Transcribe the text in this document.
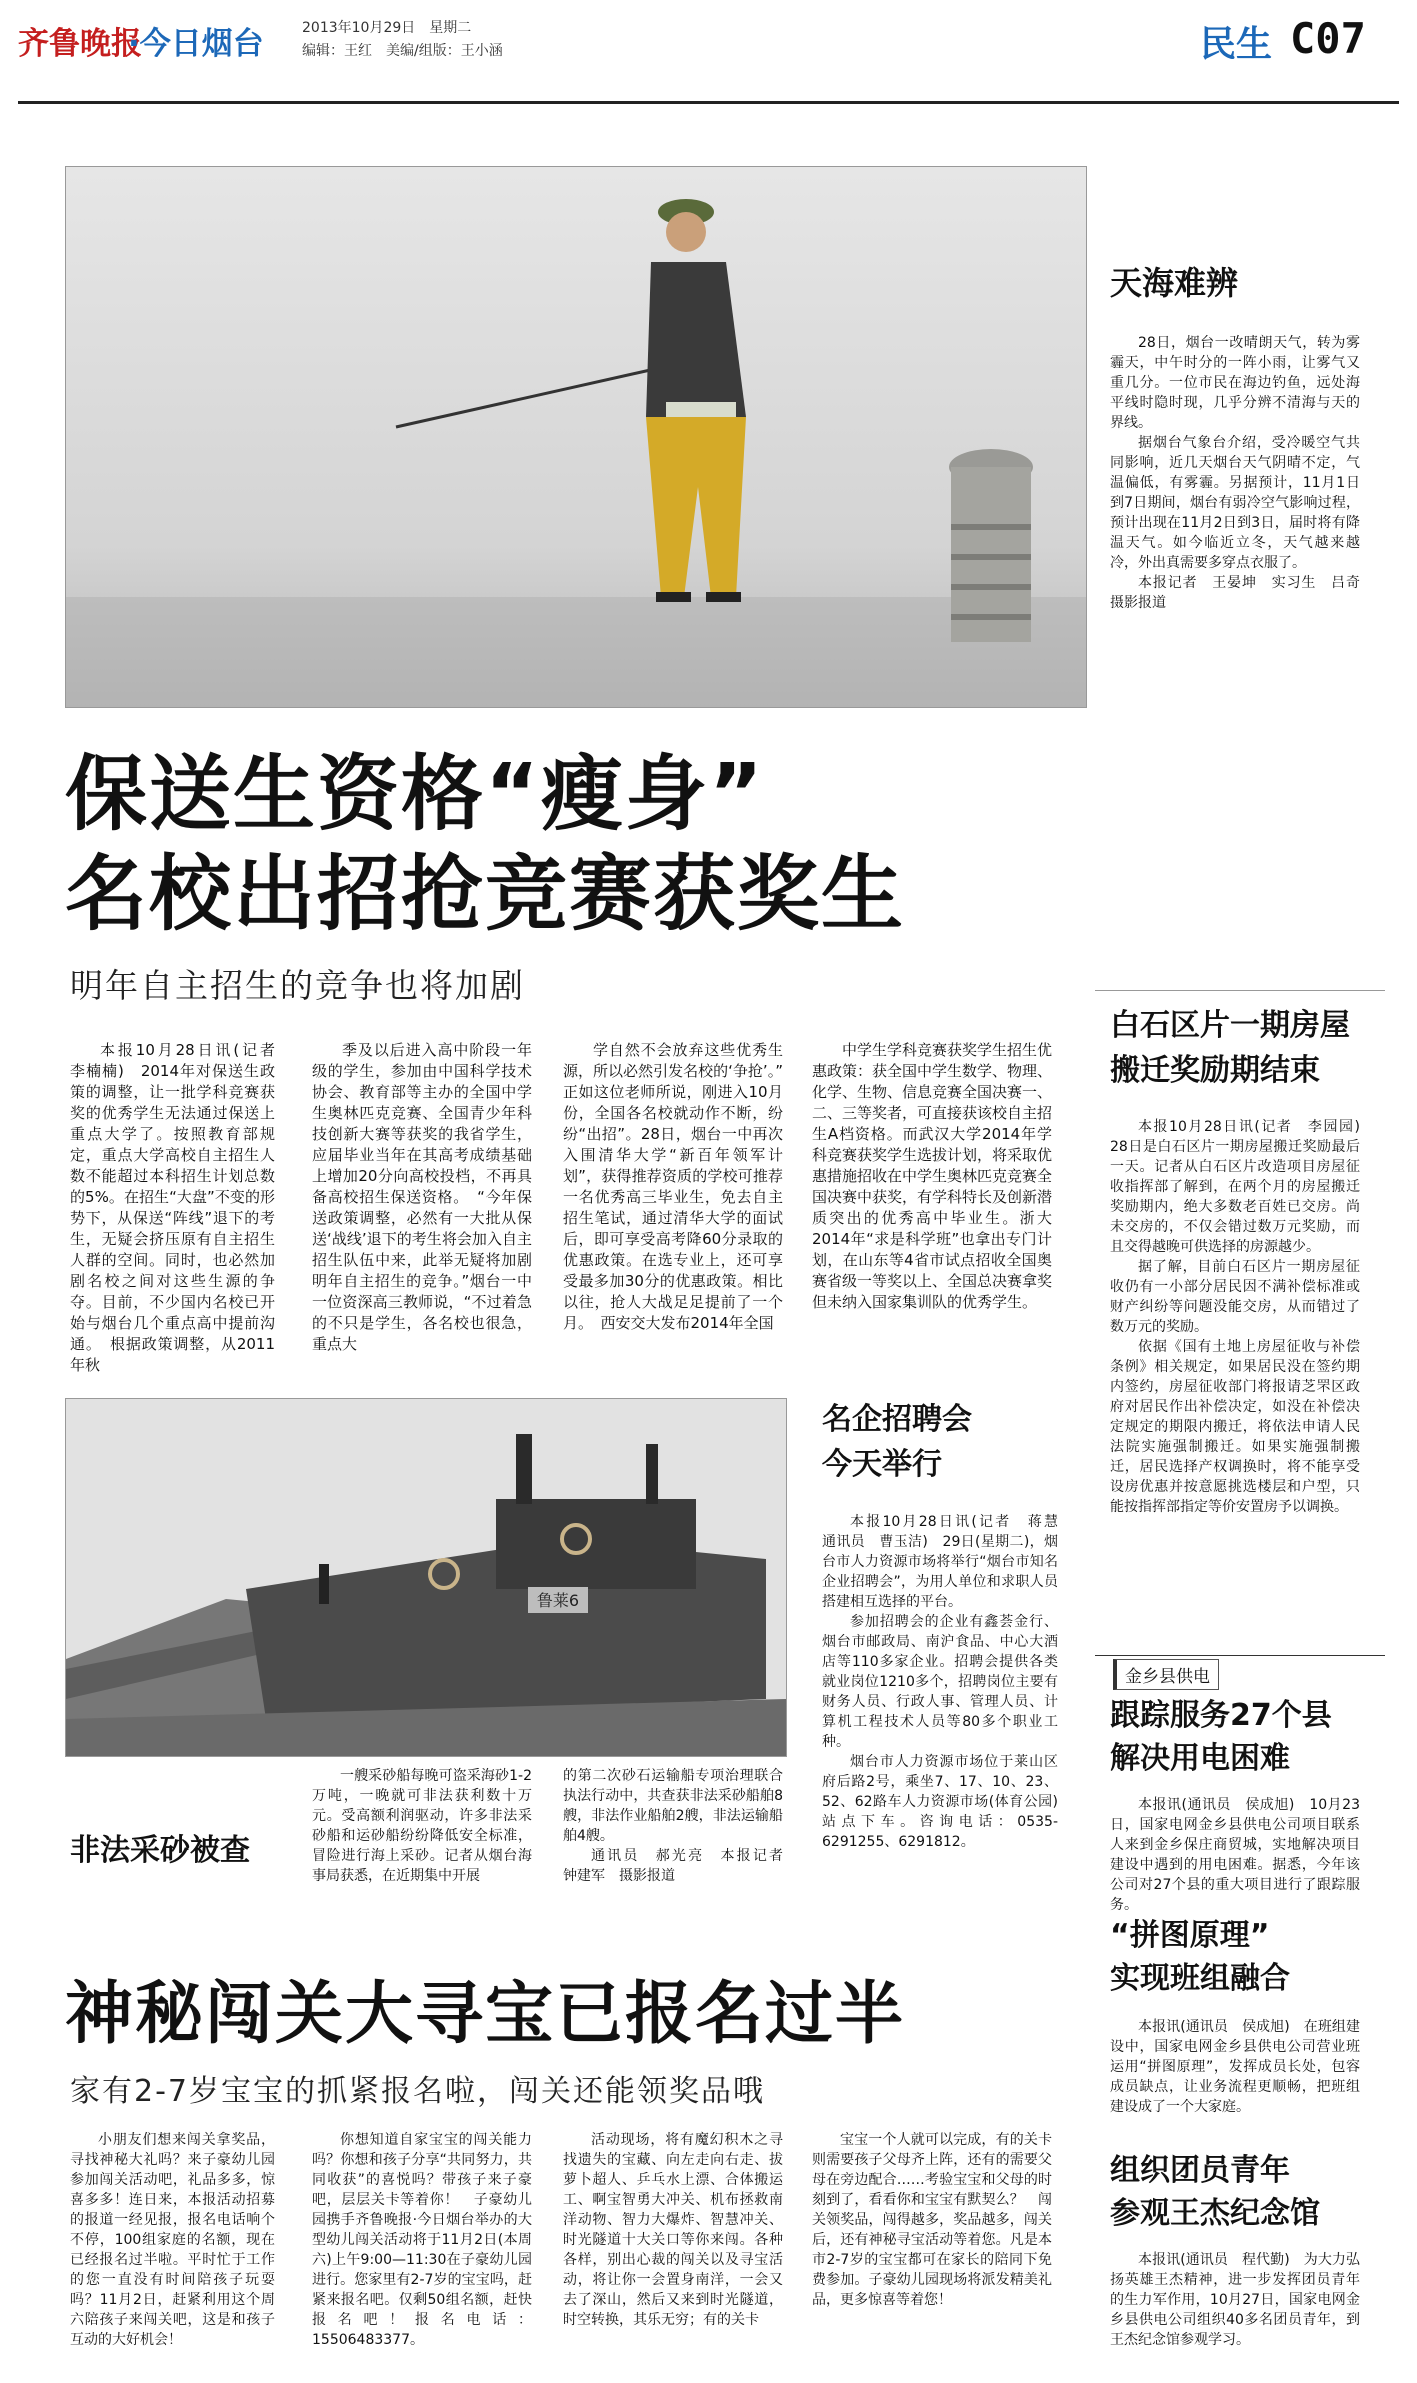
齐鲁晚报
·今日烟台	2013年10月29日　星期二
编辑：王红　美编/组版：王小涵	民生 C07
天海难辨

28日，烟台一改晴朗天气，转为雾霾天，中午时分的一阵小雨，让雾气又重几分。一位市民在海边钓鱼，远处海平线时隐时现，几乎分辨不清海与天的界线。

据烟台气象台介绍，受冷暖空气共同影响，近几天烟台天气阴晴不定，气温偏低，有雾霾。另据预计，11月1日到7日期间，烟台有弱冷空气影响过程，预计出现在11月2日到3日，届时将有降温天气。如今临近立冬，天气越来越冷，外出真需要多穿点衣服了。

本报记者　王晏坤　实习生　吕奇　摄影报道

保送生资格“瘦身”
名校出招抢竞赛获奖生
明年自主招生的竞争也将加剧

本报10月28日讯(记者　李楠楠)　2014年对保送生政策的调整，让一批学科竞赛获奖的优秀学生无法通过保送上重点大学了。按照教育部规定，重点大学高校自主招生人数不能超过本科招生计划总数的5%。在招生“大盘”不变的形势下，从保送“阵线”退下的考生，无疑会挤压原有自主招生人群的空间。同时，也必然加剧名校之间对这些生源的争夺。目前，不少国内名校已开始与烟台几个重点高中提前沟通。　根据政策调整，从2011年秋

季及以后进入高中阶段一年级的学生，参加由中国科学技术协会、教育部等主办的全国中学生奥林匹克竞赛、全国青少年科技创新大赛等获奖的我省学生，应届毕业当年在其高考成绩基础上增加20分向高校投档，不再具备高校招生保送资格。　“今年保送政策调整，必然有一大批从保送‘战线’退下的考生将会加入自主招生队伍中来，此举无疑将加剧明年自主招生的竞争。”烟台一中一位资深高三教师说，“不过着急的不只是学生，各名校也很急，重点大

学自然不会放弃这些优秀生源，所以必然引发名校的‘争抢’。”　正如这位老师所说，刚进入10月份，全国各名校就动作不断，纷纷“出招”。28日，烟台一中再次入围清华大学“新百年领军计划”，获得推荐资质的学校可推荐一名优秀高三毕业生，免去自主招生笔试，通过清华大学的面试后，即可享受高考降60分录取的优惠政策。在选专业上，还可享受最多加30分的优惠政策。相比以往，抢人大战足足提前了一个月。　西安交大发布2014年全国

中学生学科竞赛获奖学生招生优惠政策：获全国中学生数学、物理、化学、生物、信息竞赛全国决赛一、二、三等奖者，可直接获该校自主招生A档资格。而武汉大学2014年学科竞赛获奖学生选拔计划，将采取优惠措施招收在中学生奥林匹克竞赛全国决赛中获奖，有学科特长及创新潜质突出的优秀高中毕业生。浙大2014年“求是科学班”也拿出专门计划，在山东等4省市试点招收全国奥赛省级一等奖以上、全国总决赛拿奖但未纳入国家集训队的优秀学生。

白石区片一期房屋
搬迁奖励期结束

本报10月28日讯(记者　李园园)　28日是白石区片一期房屋搬迁奖励最后一天。记者从白石区片改造项目房屋征收指挥部了解到，在两个月的房屋搬迁奖励期内，绝大多数老百姓已交房。尚未交房的，不仅会错过数万元奖励，而且交得越晚可供选择的房源越少。

据了解，目前白石区片一期房屋征收仍有一小部分居民因不满补偿标准或财产纠纷等问题没能交房，从而错过了数万元的奖励。

依据《国有土地上房屋征收与补偿条例》相关规定，如果居民没在签约期内签约，房屋征收部门将报请芝罘区政府对居民作出补偿决定，如没在补偿决定规定的期限内搬迁，将依法申请人民法院实施强制搬迁。如果实施强制搬迁，居民选择产权调换时，将不能享受设房优惠并按意愿挑选楼层和户型，只能按指挥部指定等价安置房予以调换。

鲁莱6
非法采砂被查

一艘采砂船每晚可盗采海砂1-2万吨，一晚就可非法获利数十万元。受高额利润驱动，许多非法采砂船和运砂船纷纷降低安全标准，冒险进行海上采砂。记者从烟台海事局获悉，在近期集中开展

的第二次砂石运输船专项治理联合执法行动中，共查获非法采砂船舶8艘，非法作业船舶2艘，非法运输船舶4艘。

通讯员　郝光亮　本报记者　钟建军　摄影报道

名企招聘会
今天举行

本报10月28日讯(记者　蒋慧　通讯员　曹玉洁)　29日(星期二)，烟台市人力资源市场将举行“烟台市知名企业招聘会”，为用人单位和求职人员搭建相互选择的平台。

参加招聘会的企业有鑫荟金行、烟台市邮政局、南沪食品、中心大酒店等110多家企业。招聘会提供各类就业岗位1210多个，招聘岗位主要有财务人员、行政人事、管理人员、计算机工程技术人员等80多个职业工种。

烟台市人力资源市场位于莱山区府后路2号，乘坐7、17、10、23、52、62路车人力资源市场(体育公园)站点下车。咨询电话：0535-6291255、6291812。

金乡县供电
跟踪服务27个县
解决用电困难

本报讯(通讯员　侯成旭)　10月23日，国家电网金乡县供电公司项目联系人来到金乡保庄商贸城，实地解决项目建设中遇到的用电困难。据悉，今年该公司对27个县的重大项目进行了跟踪服务。

“拼图原理”
实现班组融合

本报讯(通讯员　侯成旭)　在班组建设中，国家电网金乡县供电公司营业班运用“拼图原理”，发挥成员长处，包容成员缺点，让业务流程更顺畅，把班组建设成了一个大家庭。

组织团员青年
参观王杰纪念馆

本报讯(通讯员　程代勤)　为大力弘扬英雄王杰精神，进一步发挥团员青年的生力军作用，10月27日，国家电网金乡县供电公司组织40多名团员青年，到王杰纪念馆参观学习。

神秘闯关大寻宝已报名过半
家有2-7岁宝宝的抓紧报名啦，闯关还能领奖品哦

小朋友们想来闯关拿奖品，寻找神秘大礼吗？来子豪幼儿园参加闯关活动吧，礼品多多，惊喜多多！连日来，本报活动招募的报道一经见报，报名电话响个不停，100组家庭的名额，现在已经报名过半啦。平时忙于工作的您一直没有时间陪孩子玩耍吗？11月2日，赶紧利用这个周六陪孩子来闯关吧，这是和孩子互动的大好机会！

你想知道自家宝宝的闯关能力吗？你想和孩子分享“共同努力，共同收获”的喜悦吗？带孩子来子豪吧，层层关卡等着你！　子豪幼儿园携手齐鲁晚报·今日烟台举办的大型幼儿闯关活动将于11月2日(本周六)上午9:00—11:30在子豪幼儿园进行。您家里有2-7岁的宝宝吗，赶紧来报名吧。仅剩50组名额，赶快报名吧！报名电话：15506483377。

活动现场，将有魔幻积木之寻找遗失的宝藏、向左走向右走、拔萝卜超人、乒乓水上漂、合体搬运工、啊宝智勇大冲关、机布拯救南洋动物、智力大爆炸、智慧冲关、时光隧道十大关口等你来闯。各种各样，别出心裁的闯关以及寻宝活动，将让你一会置身南洋，一会又去了深山，然后又来到时光隧道，时空转换，其乐无穷；有的关卡

宝宝一个人就可以完成，有的关卡则需要孩子父母齐上阵，还有的需要父母在旁边配合……考验宝宝和父母的时刻到了，看看你和宝宝有默契么？　闯关领奖品，闯得越多，奖品越多，闯关后，还有神秘寻宝活动等着您。凡是本市2-7岁的宝宝都可在家长的陪同下免费参加。子豪幼儿园现场将派发精美礼品，更多惊喜等着您！
